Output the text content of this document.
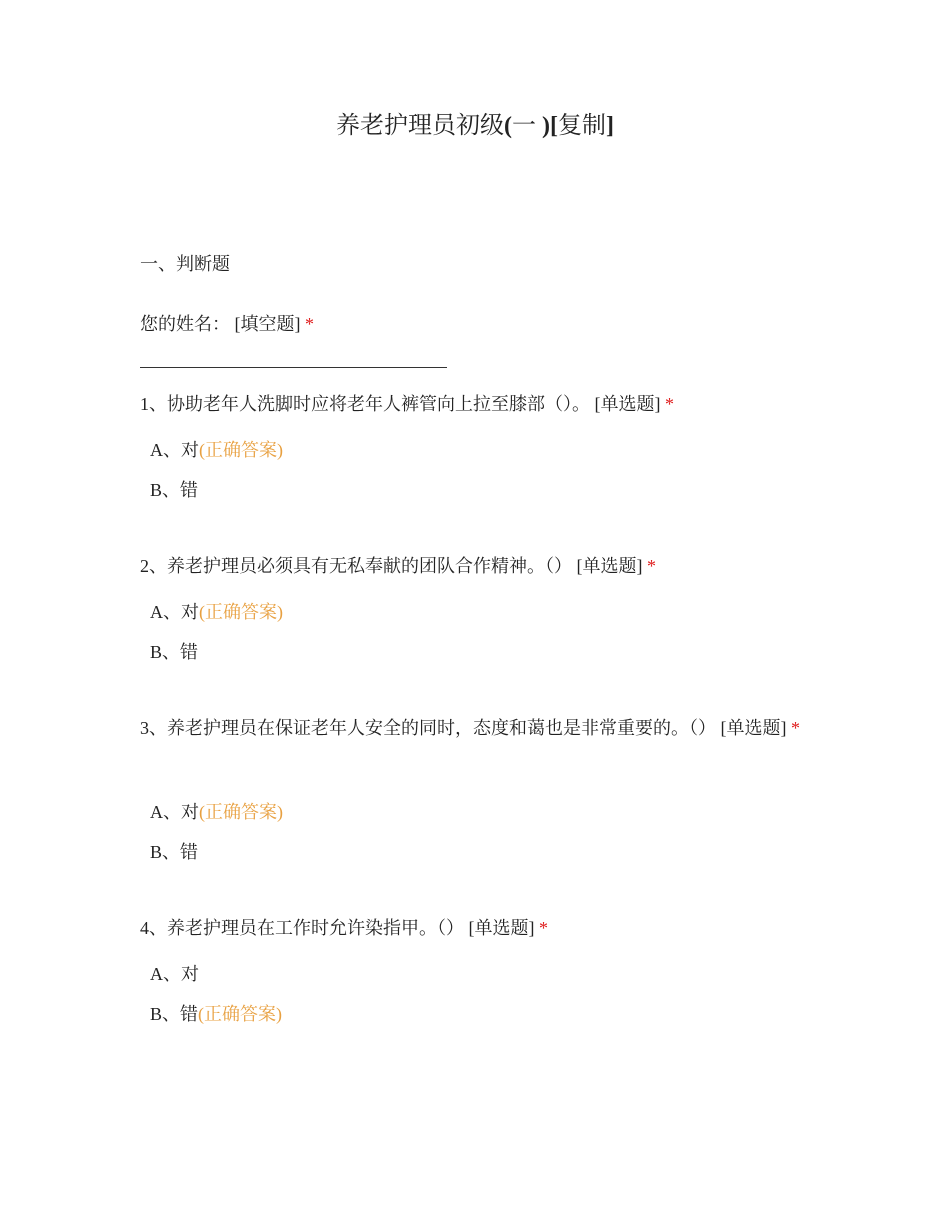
养老护理员初级(一 )[复制]
一、判断题
您的姓名： [填空题] *
1、协助老年人洗脚时应将老年人裤管向上拉至膝部（）。 [单选题] *
A、对(正确答案)
B、错
2、养老护理员必须具有无私奉献的团队合作精神。（） [单选题] *
A、对(正确答案)
B、错
3、养老护理员在保证老年人安全的同时，态度和蔼也是非常重要的。（） [单选题] *
A、对(正确答案)
B、错
4、养老护理员在工作时允许染指甲。（） [单选题] *
A、对
B、错(正确答案)
